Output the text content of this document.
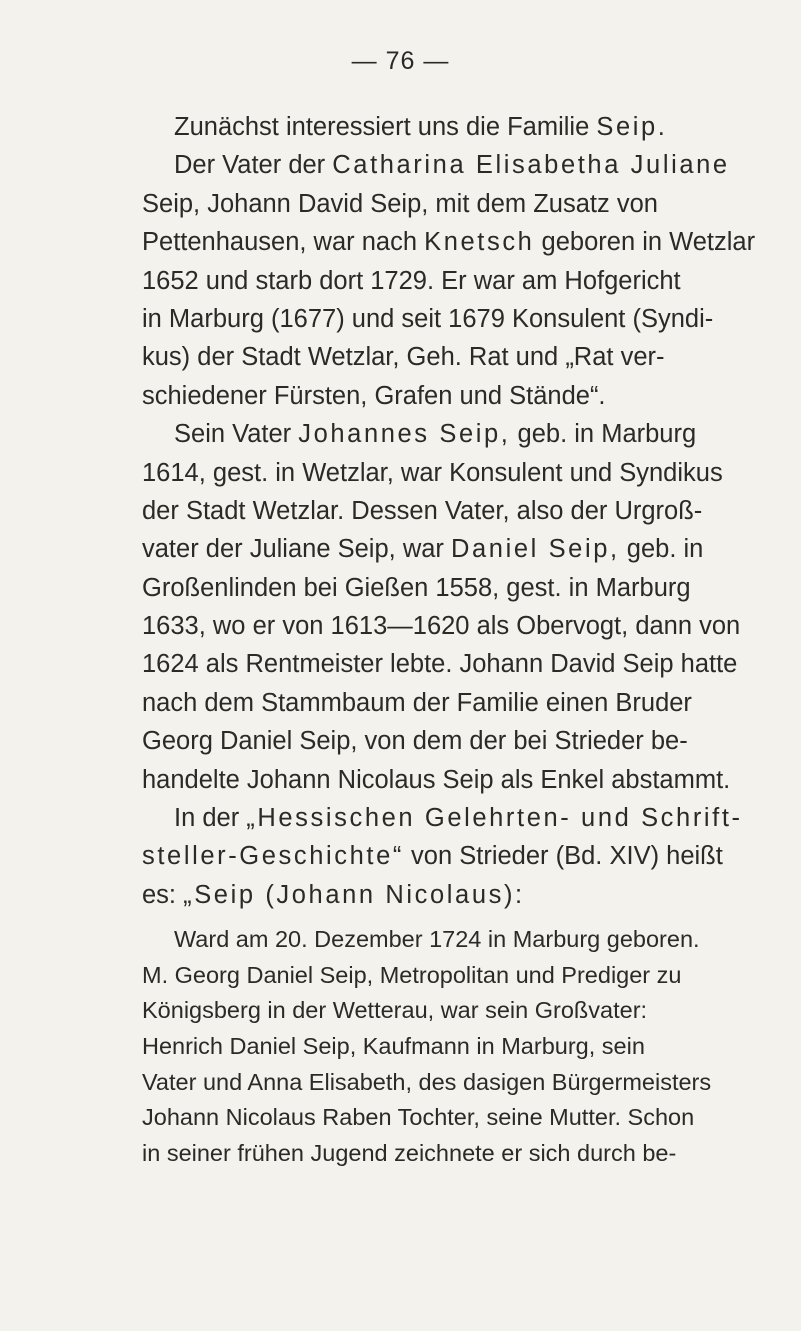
— 76 —
Zunächst interessiert uns die Familie Seip.
Der Vater der Catharina Elisabetha Juliane
Seip, Johann David Seip, mit dem Zusatz von
Pettenhausen, war nach Knetsch geboren in Wetzlar
1652 und starb dort 1729. Er war am Hofgericht
in Marburg (1677) und seit 1679 Konsulent (Syndi-
kus) der Stadt Wetzlar, Geh. Rat und „Rat ver-
schiedener Fürsten, Grafen und Stände“.
Sein Vater Johannes Seip, geb. in Marburg
1614, gest. in Wetzlar, war Konsulent und Syndikus
der Stadt Wetzlar. Dessen Vater, also der Urgroß-
vater der Juliane Seip, war Daniel Seip, geb. in
Großenlinden bei Gießen 1558, gest. in Marburg
1633, wo er von 1613—1620 als Obervogt, dann von
1624 als Rentmeister lebte. Johann David Seip hatte
nach dem Stammbaum der Familie einen Bruder
Georg Daniel Seip, von dem der bei Strieder be-
handelte Johann Nicolaus Seip als Enkel abstammt.
In der „Hessischen Gelehrten- und Schrift-
steller-Geschichte“ von Strieder (Bd. XIV) heißt
es: „Seip (Johann Nicolaus):
Ward am 20. Dezember 1724 in Marburg geboren.
M. Georg Daniel Seip, Metropolitan und Prediger zu
Königsberg in der Wetterau, war sein Großvater:
Henrich Daniel Seip, Kaufmann in Marburg, sein
Vater und Anna Elisabeth, des dasigen Bürgermeisters
Johann Nicolaus Raben Tochter, seine Mutter. Schon
in seiner frühen Jugend zeichnete er sich durch be-
